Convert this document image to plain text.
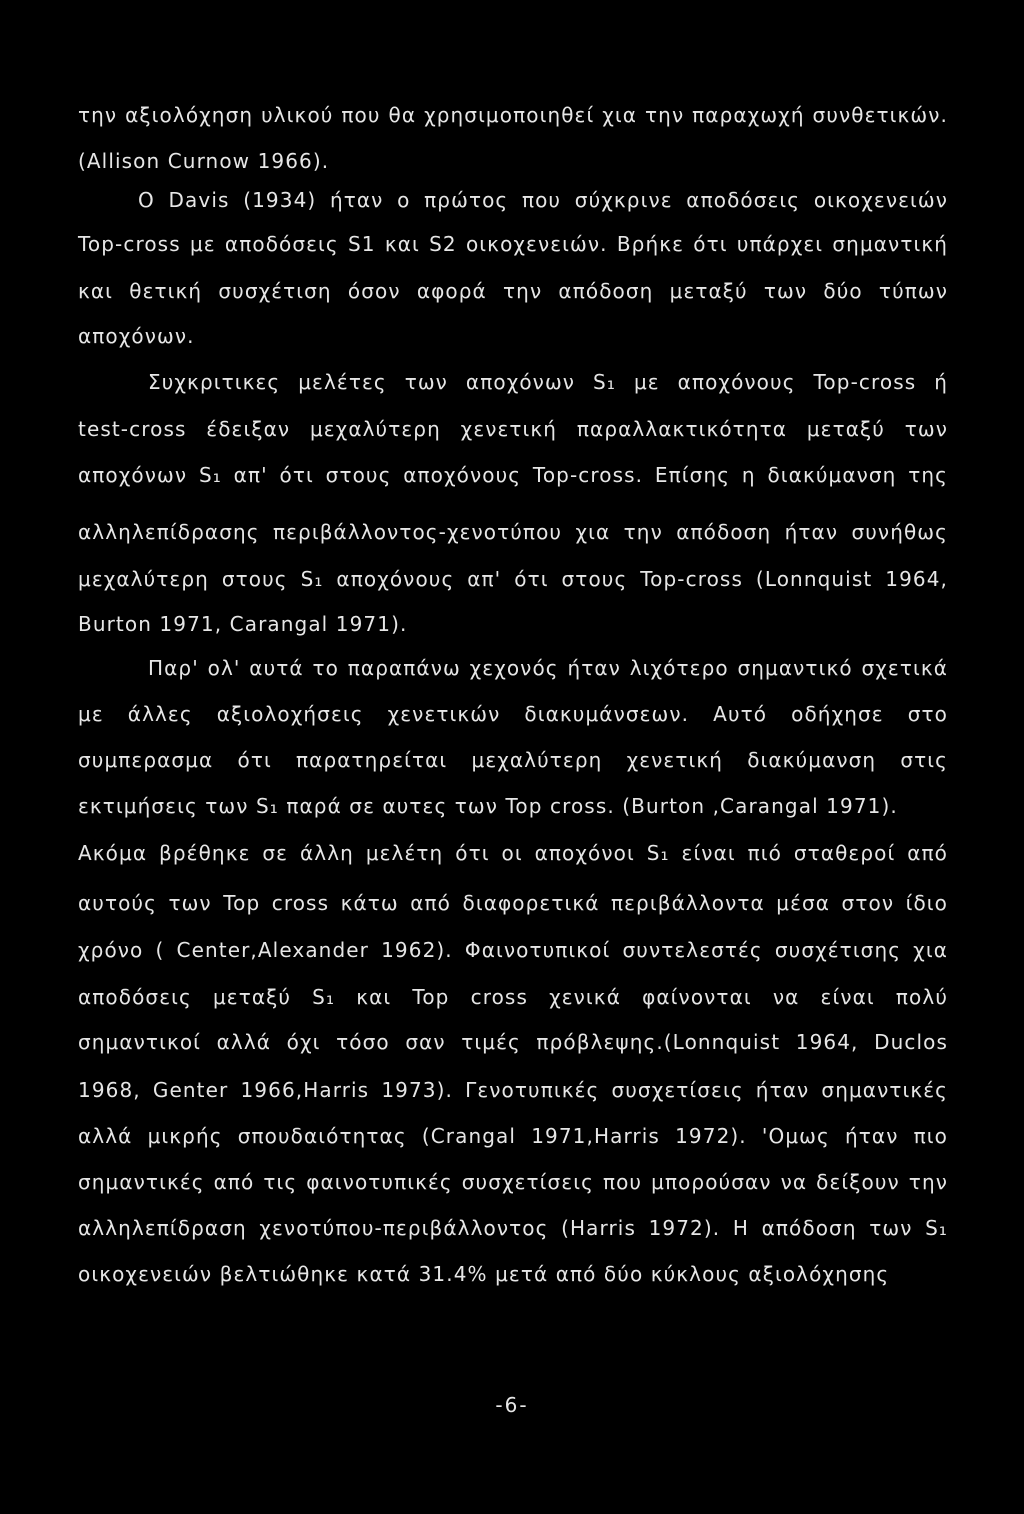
την αξιολόχηση υλικού που θα χρησιμοποιηθεί χια την παραχωχή συνθετικών.
(Allison Curnow 1966).
Ο Davis (1934) ήταν ο πρώτος που σύχκρινε αποδόσεις οικοχενειών
Top-cross με αποδόσεις S1 και S2 οικοχενειών. Βρήκε ότι υπάρχει σημαντική
και θετική συσχέτιση όσον αφορά την απόδοση μεταξύ των δύο τύπων
αποχόνων.
Συχκριτικες μελέτες των αποχόνων S₁ με αποχόνους Top-cross ή
test-cross έδειξαν μεχαλύτερη χενετική παραλλακτικότητα μεταξύ των
αποχόνων S₁ απ' ότι στους αποχόνους Top-cross. Επίσης η διακύμανση της
αλληλεπίδρασης περιβάλλοντος-χενοτύπου χια την απόδοση ήταν συνήθως
μεχαλύτερη στους S₁ αποχόνους απ' ότι στους Top-cross (Lonnquist 1964,
Burton 1971, Carangal 1971).
Παρ' ολ' αυτά το παραπάνω χεχονός ήταν λιχότερο σημαντικό σχετικά
με άλλες αξιολοχήσεις χενετικών διακυμάνσεων. Αυτό οδήχησε στο
συμπερασμα ότι παρατηρείται μεχαλύτερη χενετική διακύμανση στις
εκτιμήσεις των S₁ παρά σε αυτες των Top cross. (Burton ,Carangal 1971).
Ακόμα βρέθηκε σε άλλη μελέτη ότι οι αποχόνοι S₁ είναι πιό σταθεροί από
αυτούς των Top cross κάτω από διαφορετικά περιβάλλοντα μέσα στον ίδιο
χρόνο ( Center,Alexander 1962). Φαινοτυπικοί συντελεστές συσχέτισης χια
αποδόσεις μεταξύ S₁ και Top cross χενικά φαίνονται να είναι πολύ
σημαντικοί αλλά όχι τόσο σαν τιμές πρόβλεψης.(Lonnquist 1964, Duclos
1968, Genter 1966,Harris 1973). Γενοτυπικές συσχετίσεις ήταν σημαντικές
αλλά μικρής σπουδαιότητας (Crangal 1971,Harris 1972). 'Ομως ήταν πιο
σημαντικές από τις φαινοτυπικές συσχετίσεις που μπορούσαν να δείξουν την
αλληλεπίδραση χενοτύπου-περιβάλλοντος (Harris 1972). Η απόδοση των S₁
οικοχενειών βελτιώθηκε κατά 31.4% μετά από δύο κύκλους αξιολόχησης
-6-
